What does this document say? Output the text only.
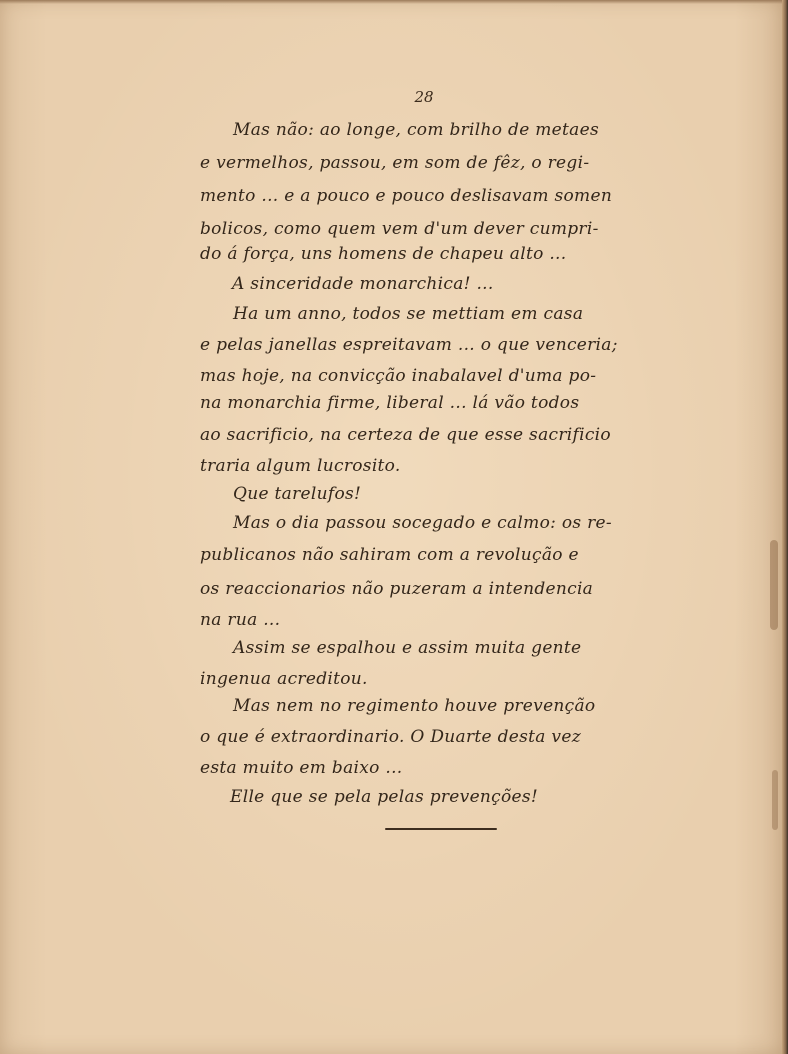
28
Mas não: ao longe, com brilho de metaes
e vermelhos, passou, em som de fêz, o regi-
mento ... e a pouco e pouco deslisavam somen
bolicos, como quem vem d'um dever cumpri-
do á força, uns homens de chapeu alto ...
A sinceridade monarchica! ...
Ha um anno, todos se mettiam em casa
e pelas janellas espreitavam ... o que venceria;
mas hoje, na convicção inabalavel d'uma po-
na monarchia firme, liberal ... lá vão todos
ao sacrificio, na certeza de que esse sacrificio
traria algum lucrosito.
Que tarelufos!
Mas o dia passou socegado e calmo: os re-
publicanos não sahiram com a revolução e
os reaccionarios não puzeram a intendencia
na rua ...
Assim se espalhou e assim muita gente
ingenua acreditou.
Mas nem no regimento houve prevenção
o que é extraordinario. O Duarte desta vez
esta muito em baixo ...
Elle que se pela pelas prevenções!
